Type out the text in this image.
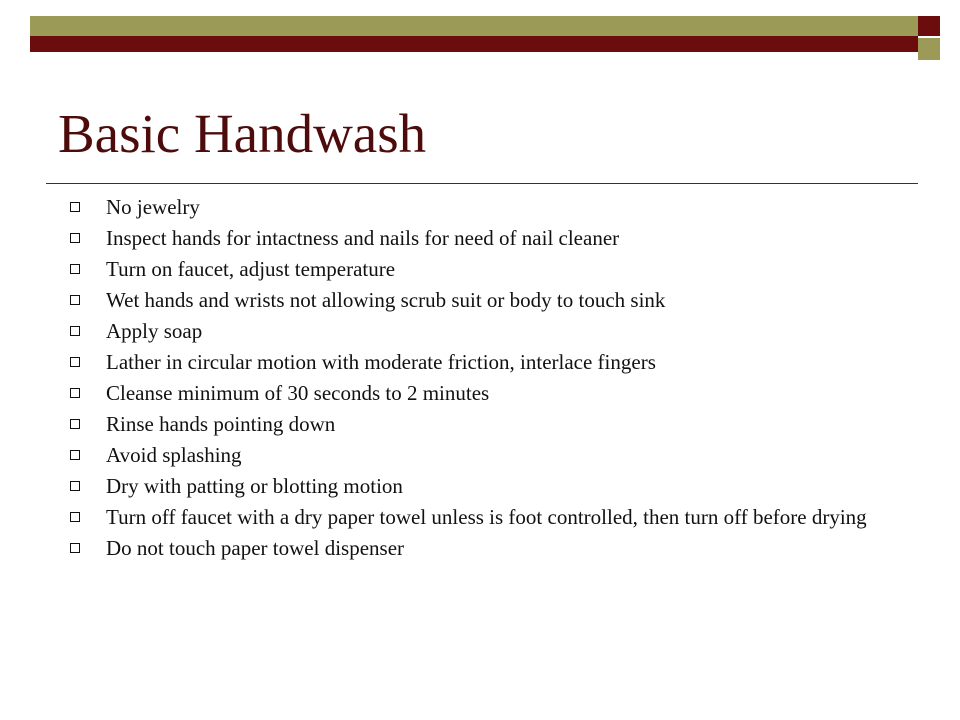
Basic Handwash
No jewelry
Inspect hands for intactness and nails for need of nail cleaner
Turn on faucet, adjust temperature
Wet hands and wrists not allowing scrub suit or body to touch sink
Apply soap
Lather in circular motion with moderate friction, interlace fingers
Cleanse minimum of 30 seconds to 2 minutes
Rinse hands pointing down
Avoid splashing
Dry with patting or blotting motion
Turn off faucet with a dry paper towel unless is foot controlled, then turn off before drying
Do not touch paper towel dispenser
